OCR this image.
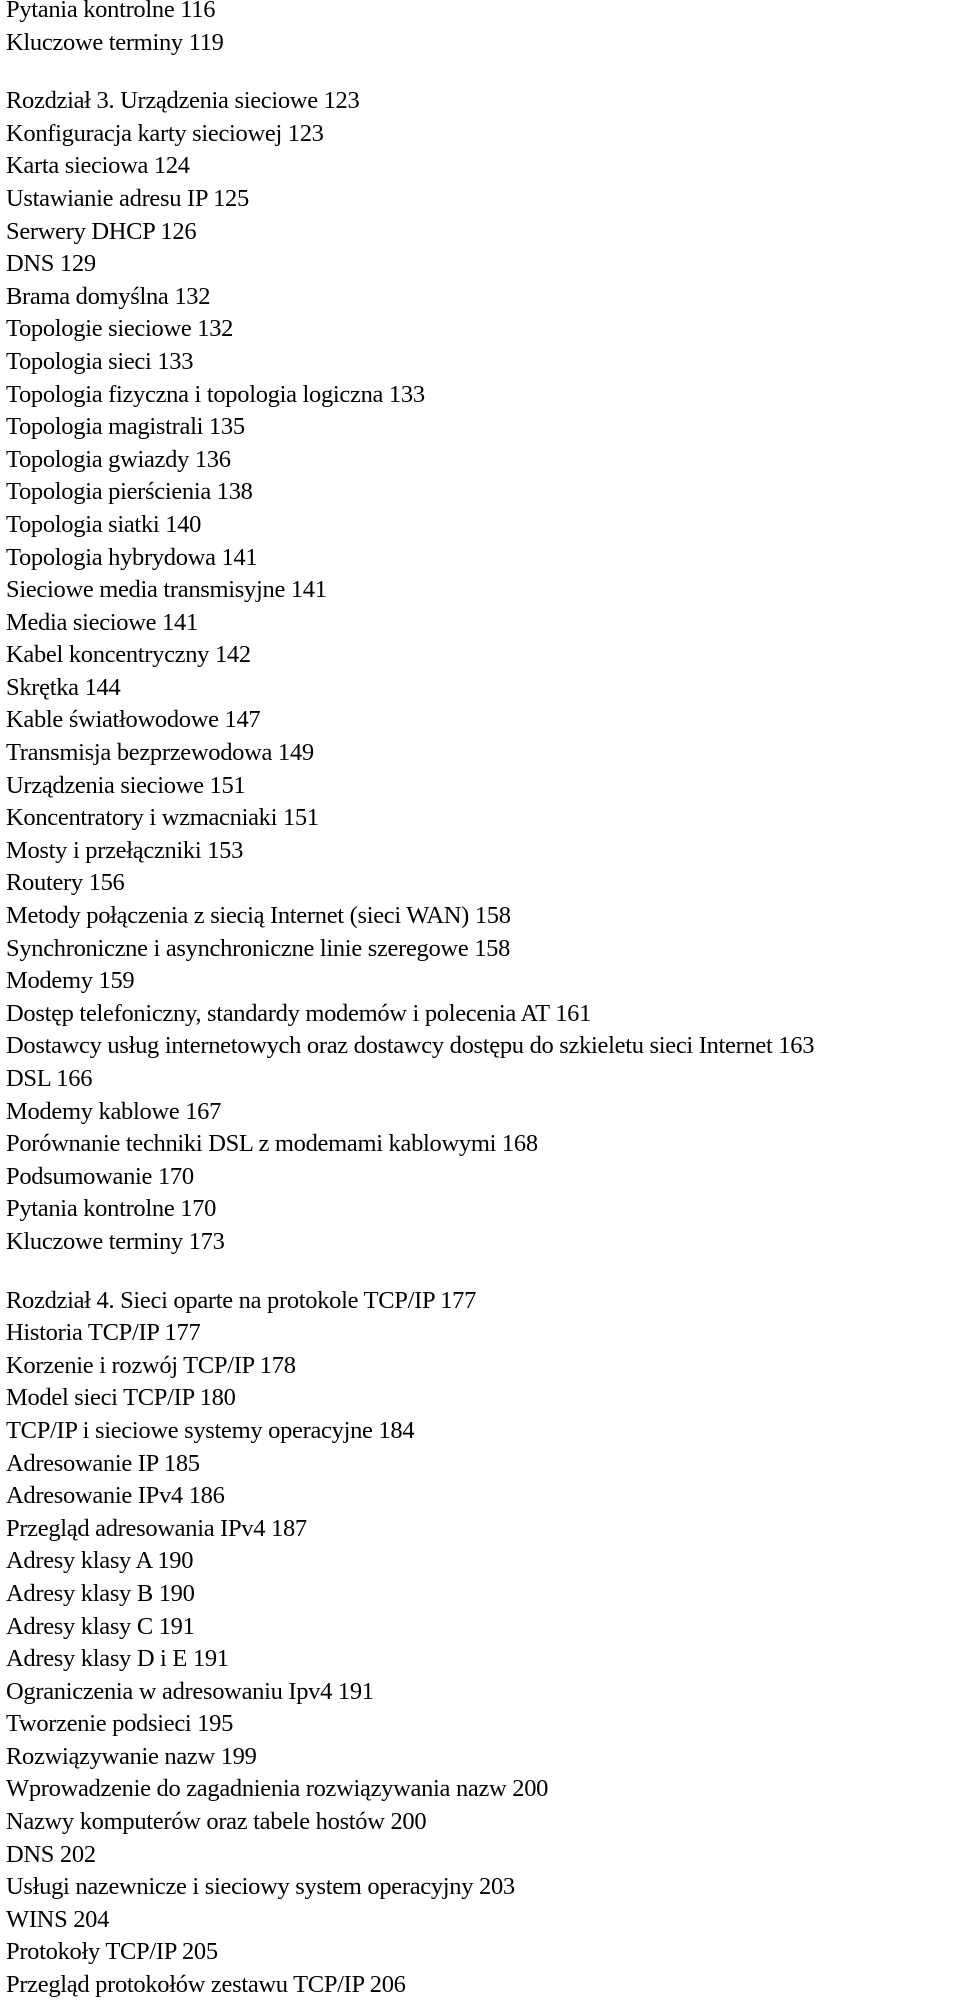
Pytania kontrolne 116
Kluczowe terminy 119
Rozdział 3. Urządzenia sieciowe 123
Konfiguracja karty sieciowej 123
Karta sieciowa 124
Ustawianie adresu IP 125
Serwery DHCP 126
DNS 129
Brama domyślna 132
Topologie sieciowe 132
Topologia sieci 133
Topologia fizyczna i topologia logiczna 133
Topologia magistrali 135
Topologia gwiazdy 136
Topologia pierścienia 138
Topologia siatki 140
Topologia hybrydowa 141
Sieciowe media transmisyjne 141
Media sieciowe 141
Kabel koncentryczny 142
Skrętka 144
Kable światłowodowe 147
Transmisja bezprzewodowa 149
Urządzenia sieciowe 151
Koncentratory i wzmacniaki 151
Mosty i przełączniki 153
Routery 156
Metody połączenia z siecią Internet (sieci WAN) 158
Synchroniczne i asynchroniczne linie szeregowe 158
Modemy 159
Dostęp telefoniczny, standardy modemów i polecenia AT 161
Dostawcy usług internetowych oraz dostawcy dostępu do szkieletu sieci Internet 163
DSL 166
Modemy kablowe 167
Porównanie techniki DSL z modemami kablowymi 168
Podsumowanie 170
Pytania kontrolne 170
Kluczowe terminy 173
Rozdział 4. Sieci oparte na protokole TCP/IP 177
Historia TCP/IP 177
Korzenie i rozwój TCP/IP 178
Model sieci TCP/IP 180
TCP/IP i sieciowe systemy operacyjne 184
Adresowanie IP 185
Adresowanie IPv4 186
Przegląd adresowania IPv4 187
Adresy klasy A 190
Adresy klasy B 190
Adresy klasy C 191
Adresy klasy D i E 191
Ograniczenia w adresowaniu Ipv4 191
Tworzenie podsieci 195
Rozwiązywanie nazw 199
Wprowadzenie do zagadnienia rozwiązywania nazw 200
Nazwy komputerów oraz tabele hostów 200
DNS 202
Usługi nazewnicze i sieciowy system operacyjny 203
WINS 204
Protokoły TCP/IP 205
Przegląd protokołów zestawu TCP/IP 206
